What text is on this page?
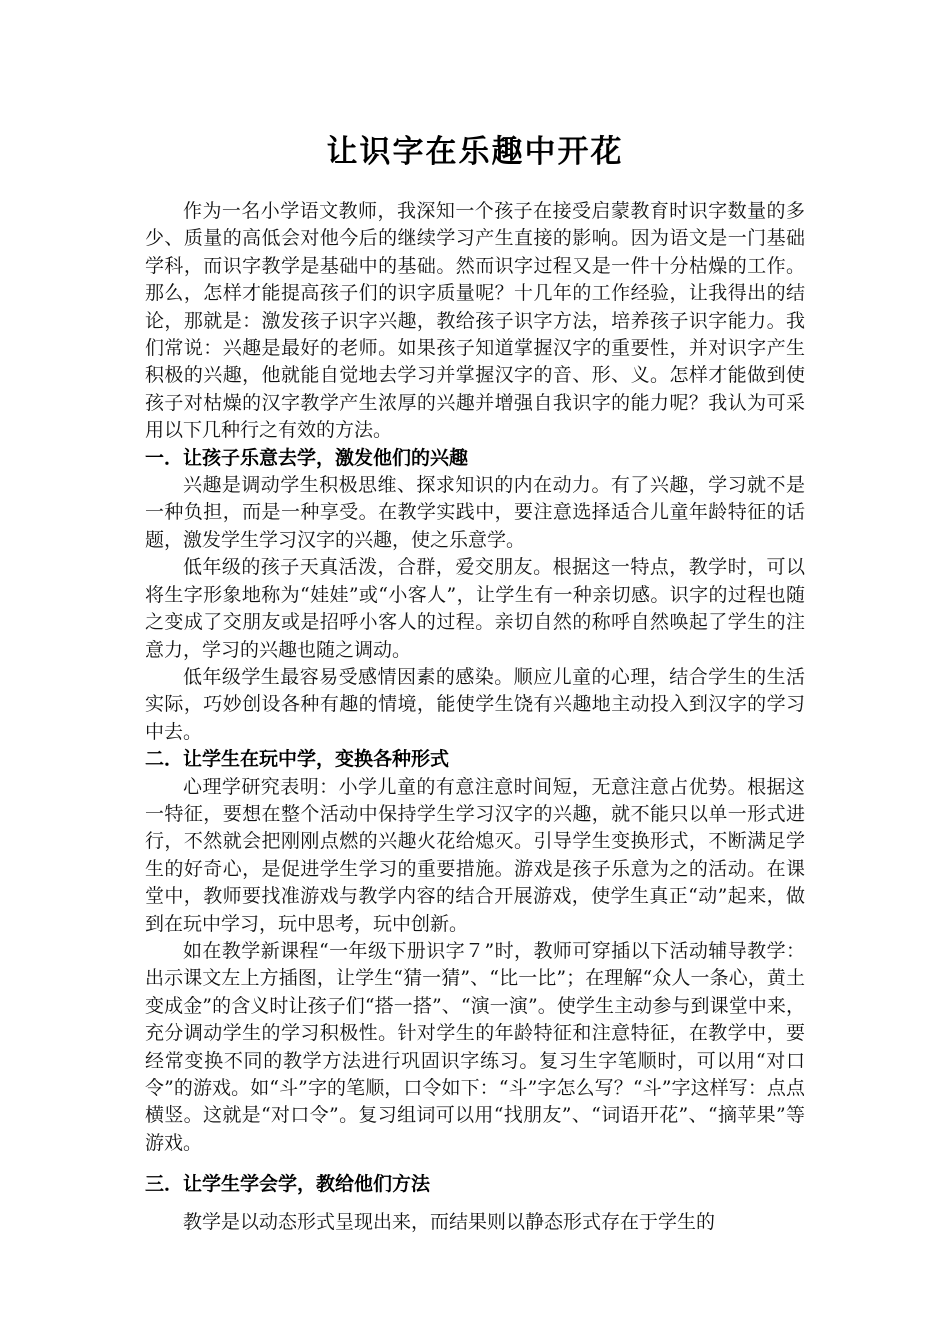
让识字在乐趣中开花

作为一名小学语文教师，我深知一个孩子在接受启蒙教育时识字数量的多少、质量的高低会对他今后的继续学习产生直接的影响。因为语文是一门基础学科，而识字教学是基础中的基础。然而识字过程又是一件十分枯燥的工作。那么，怎样才能提高孩子们的识字质量呢？十几年的工作经验，让我得出的结论，那就是：激发孩子识字兴趣，教给孩子识字方法，培养孩子识字能力。我们常说：兴趣是最好的老师。如果孩子知道掌握汉字的重要性，并对识字产生积极的兴趣，他就能自觉地去学习并掌握汉字的音、形、义。怎样才能做到使孩子对枯燥的汉字教学产生浓厚的兴趣并增强自我识字的能力呢？我认为可采用以下几种行之有效的方法。

一．让孩子乐意去学，激发他们的兴趣

兴趣是调动学生积极思维、探求知识的内在动力。有了兴趣，学习就不是一种负担，而是一种享受。在教学实践中，要注意选择适合儿童年龄特征的话题，激发学生学习汉字的兴趣，使之乐意学。

低年级的孩子天真活泼，合群，爱交朋友。根据这一特点，教学时，可以将生字形象地称为“娃娃”或“小客人”，让学生有一种亲切感。识字的过程也随之变成了交朋友或是招呼小客人的过程。亲切自然的称呼自然唤起了学生的注意力，学习的兴趣也随之调动。

低年级学生最容易受感情因素的感染。顺应儿童的心理，结合学生的生活实际，巧妙创设各种有趣的情境，能使学生饶有兴趣地主动投入到汉字的学习中去。

二．让学生在玩中学，变换各种形式

心理学研究表明：小学儿童的有意注意时间短，无意注意占优势。根据这一特征，要想在整个活动中保持学生学习汉字的兴趣，就不能只以单一形式进行，不然就会把刚刚点燃的兴趣火花给熄灭。引导学生变换形式，不断满足学生的好奇心，是促进学生学习的重要措施。游戏是孩子乐意为之的活动。在课堂中，教师要找准游戏与教学内容的结合开展游戏，使学生真正“动”起来，做到在玩中学习，玩中思考，玩中创新。

如在教学新课程“一年级下册识字７”时，教师可穿插以下活动辅导教学：出示课文左上方插图，让学生“猜一猜”、“比一比”；在理解“众人一条心，黄土变成金”的含义时让孩子们“搭一搭”、“演一演”。使学生主动参与到课堂中来，充分调动学生的学习积极性。针对学生的年龄特征和注意特征，在教学中，要经常变换不同的教学方法进行巩固识字练习。复习生字笔顺时，可以用“对口令”的游戏。如“斗”字的笔顺，口令如下：“斗”字怎么写？“斗”字这样写：点点横竖。这就是“对口令”。复习组词可以用“找朋友”、“词语开花”、“摘苹果”等游戏。

三．让学生学会学，教给他们方法

教学是以动态形式呈现出来，而结果则以静态形式存在于学生的
